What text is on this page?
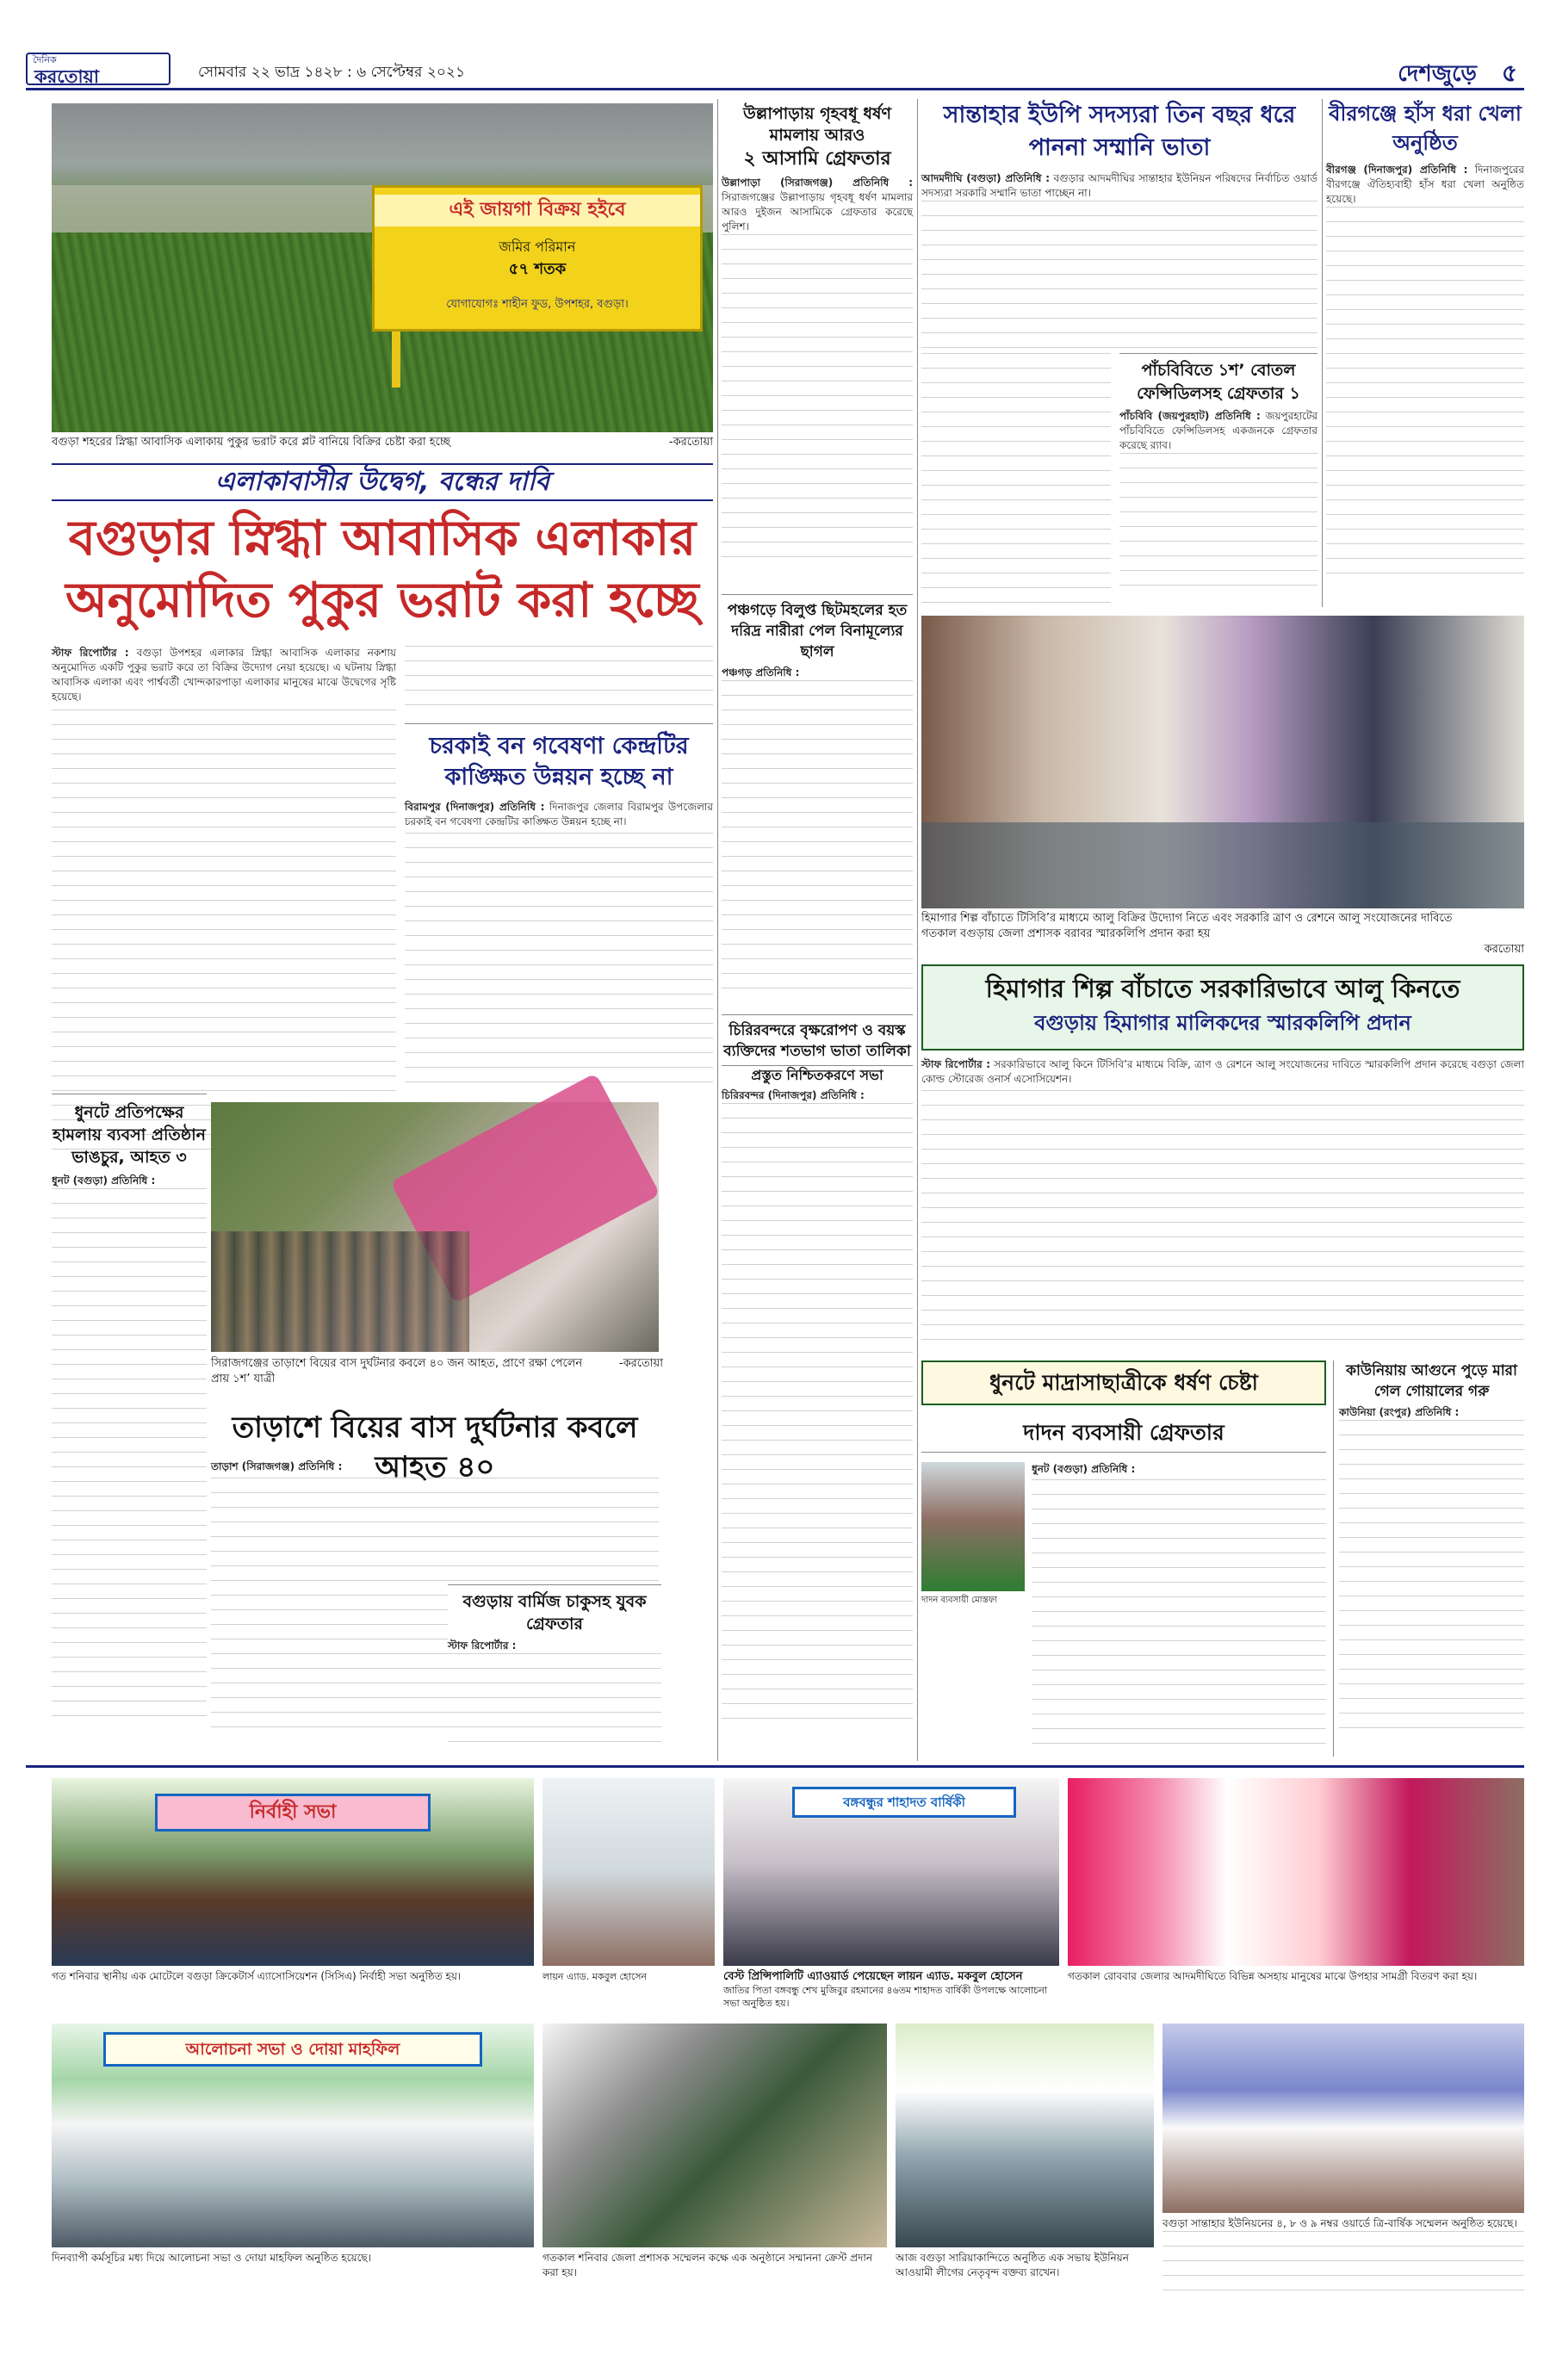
দৈনিক
করতোয়া	সোমবার ২২ ভাদ্র ১৪২৮ : ৬ সেপ্টেম্বর ২০২১	দেশজুড়ে ৫
এই জায়গা বিক্রয় হইবে
জমির পরিমান
৫৭ শতক
যোগাযোগঃ শাহীন ফুড, উপশহর, বগুড়া।
বগুড়া শহরের স্নিগ্ধা আবাসিক এলাকায় পুকুর ভরাট করে প্লট বানিয়ে বিক্রির চেষ্টা করা হচ্ছে	-করতোয়া
এলাকাবাসীর উদ্বেগ, বন্ধের দাবি
বগুড়ার স্নিগ্ধা আবাসিক এলাকার
অনুমোদিত পুকুর ভরাট করা হচ্ছে
স্টাফ রিপোর্টার : বগুড়া উপশহর এলাকার স্নিগ্ধা আবাসিক এলাকার নকশায় অনুমোদিত একটি পুকুর ভরাট করে তা বিক্রির উদ্যোগ নেয়া হয়েছে। এ ঘটনায় স্নিগ্ধা আবাসিক এলাকা এবং পার্শ্ববর্তী খোন্দকারপাড়া এলাকার মানুষের মাঝে উদ্বেগের সৃষ্টি হয়েছে।
চরকাই বন গবেষণা কেন্দ্রটির কাঙ্ক্ষিত উন্নয়ন হচ্ছে না
বিরামপুর (দিনাজপুর) প্রতিনিধি : দিনাজপুর জেলার বিরামপুর উপজেলার চরকাই বন গবেষণা কেন্দ্রটির কাঙ্ক্ষিত উন্নয়ন হচ্ছে না।
ধুনটে প্রতিপক্ষের হামলায় ব্যবসা প্রতিষ্ঠান ভাঙচুর, আহত ৩
ধুনট (বগুড়া) প্রতিনিধি :
সিরাজগঞ্জের তাড়াশে বিয়ের বাস দুর্ঘটনার কবলে ৪০ জন আহত, প্রাণে রক্ষা পেলেন প্রায় ১শ’ যাত্রী
-করতোয়া
তাড়াশে বিয়ের বাস দুর্ঘটনার কবলে আহত ৪০
তাড়াশ (সিরাজগঞ্জ) প্রতিনিধি :
বগুড়ায় বার্মিজ চাকুসহ যুবক গ্রেফতার
স্টাফ রিপোর্টার :
উল্লাপাড়ায় গৃহবধূ ধর্ষণ মামলায় আরও
২ আসামি গ্রেফতার
উল্লাপাড়া (সিরাজগঞ্জ) প্রতিনিধি : সিরাজগঞ্জের উল্লাপাড়ায় গৃহবধূ ধর্ষণ মামলার আরও দুইজন আসামিকে গ্রেফতার করেছে পুলিশ।
পঞ্চগড়ে বিলুপ্ত ছিটমহলের হত দরিদ্র নারীরা পেল বিনামূল্যের ছাগল
পঞ্চগড় প্রতিনিধি :
চিরিরবন্দরে বৃক্ষরোপণ ও বয়স্ক ব্যক্তিদের শতভাগ ভাতা তালিকা
প্রস্তুত নিশ্চিতকরণে সভা
চিরিরবন্দর (দিনাজপুর) প্রতিনিধি :
সান্তাহার ইউপি সদস্যরা তিন বছর ধরে পাননা সম্মানি ভাতা
আদমদীঘি (বগুড়া) প্রতিনিধি : বগুড়ার আদমদীঘির সান্তাহার ইউনিয়ন পরিষদের নির্বাচিত ওয়ার্ড সদস্যরা সরকারি সম্মানি ভাতা পাচ্ছেন না।
পাঁচবিবিতে ১শ’ বোতল ফেন্সিডিলসহ গ্রেফতার ১
পাঁচবিবি (জয়পুরহাট) প্রতিনিধি : জয়পুরহাটের পাঁচবিবিতে ফেন্সিডিলসহ একজনকে গ্রেফতার করেছে র‌্যাব।
বীরগঞ্জে হাঁস ধরা খেলা অনুষ্ঠিত
বীরগঞ্জ (দিনাজপুর) প্রতিনিধি : দিনাজপুরের বীরগঞ্জে ঐতিহ্যবাহী হাঁস ধরা খেলা অনুষ্ঠিত হয়েছে।
হিমাগার শিল্প বাঁচাতে টিসিবি’র মাধ্যমে আলু বিক্রির উদ্যোগ নিতে এবং সরকারি ত্রাণ ও রেশনে আলু সংযোজনের দাবিতে গতকাল বগুড়ায় জেলা প্রশাসক বরাবর স্মারকলিপি প্রদান করা হয়
করতোয়া
হিমাগার শিল্প বাঁচাতে সরকারিভাবে আলু কিনতে
বগুড়ায় হিমাগার মালিকদের স্মারকলিপি প্রদান
স্টাফ রিপোর্টার : সরকারিভাবে আলু কিনে টিসিবি’র মাধ্যমে বিক্রি, ত্রাণ ও রেশনে আলু সংযোজনের দাবিতে স্মারকলিপি প্রদান করেছে বগুড়া জেলা কোল্ড স্টোরেজ ওনার্স এসোসিয়েশন।
ধুনটে মাদ্রাসাছাত্রীকে ধর্ষণ চেষ্টা
দাদন ব্যবসায়ী গ্রেফতার
দাদন ব্যবসায়ী মোস্তফা
ধুনট (বগুড়া) প্রতিনিধি :
কাউনিয়ায় আগুনে পুড়ে মারা গেল গোয়ালের গরু
কাউনিয়া (রংপুর) প্রতিনিধি :
নির্বাহী সভা
গত শনিবার স্থানীয় এক মোটেলে বগুড়া ক্রিকেটার্স এ্যাসোসিয়েশন (সিসিএ) নির্বাহী সভা অনুষ্ঠিত হয়।	লায়ন এ্যাড. মকবুল হোসেন
বঙ্গবন্ধুর শাহাদত বার্ষিকী
বেস্ট প্রিন্সিপালিটি এ্যাওয়ার্ড পেয়েছেন লায়ন এ্যাড. মকবুল হোসেন
জাতির পিতা বঙ্গবন্ধু শেখ মুজিবুর রহমানের ৪৬তম শাহাদত বার্ষিকী উপলক্ষে আলোচনা সভা অনুষ্ঠিত হয়।
গতকাল রোববার জেলার আদমদীঘিতে বিভিন্ন অসহায় মানুষের মাঝে উপহার সামগ্রী বিতরণ করা হয়।
আলোচনা সভা ও দোয়া মাহফিল
দিনব্যাপী কর্মসূচির মধ্য দিয়ে আলোচনা সভা ও দোয়া মাহফিল অনুষ্ঠিত হয়েছে।	গতকাল শনিবার জেলা প্রশাসক সম্মেলন কক্ষে এক অনুষ্ঠানে সম্মাননা ক্রেস্ট প্রদান করা হয়।
আজ বগুড়া সারিয়াকান্দিতে অনুষ্ঠিত এক সভায় ইউনিয়ন আওয়ামী লীগের নেতৃবৃন্দ বক্তব্য রাখেন।
বগুড়া সান্তাহার ইউনিয়নের ৪, ৮ ও ৯ নম্বর ওয়ার্ডে ত্রি-বার্ষিক সম্মেলন অনুষ্ঠিত হয়েছে।
